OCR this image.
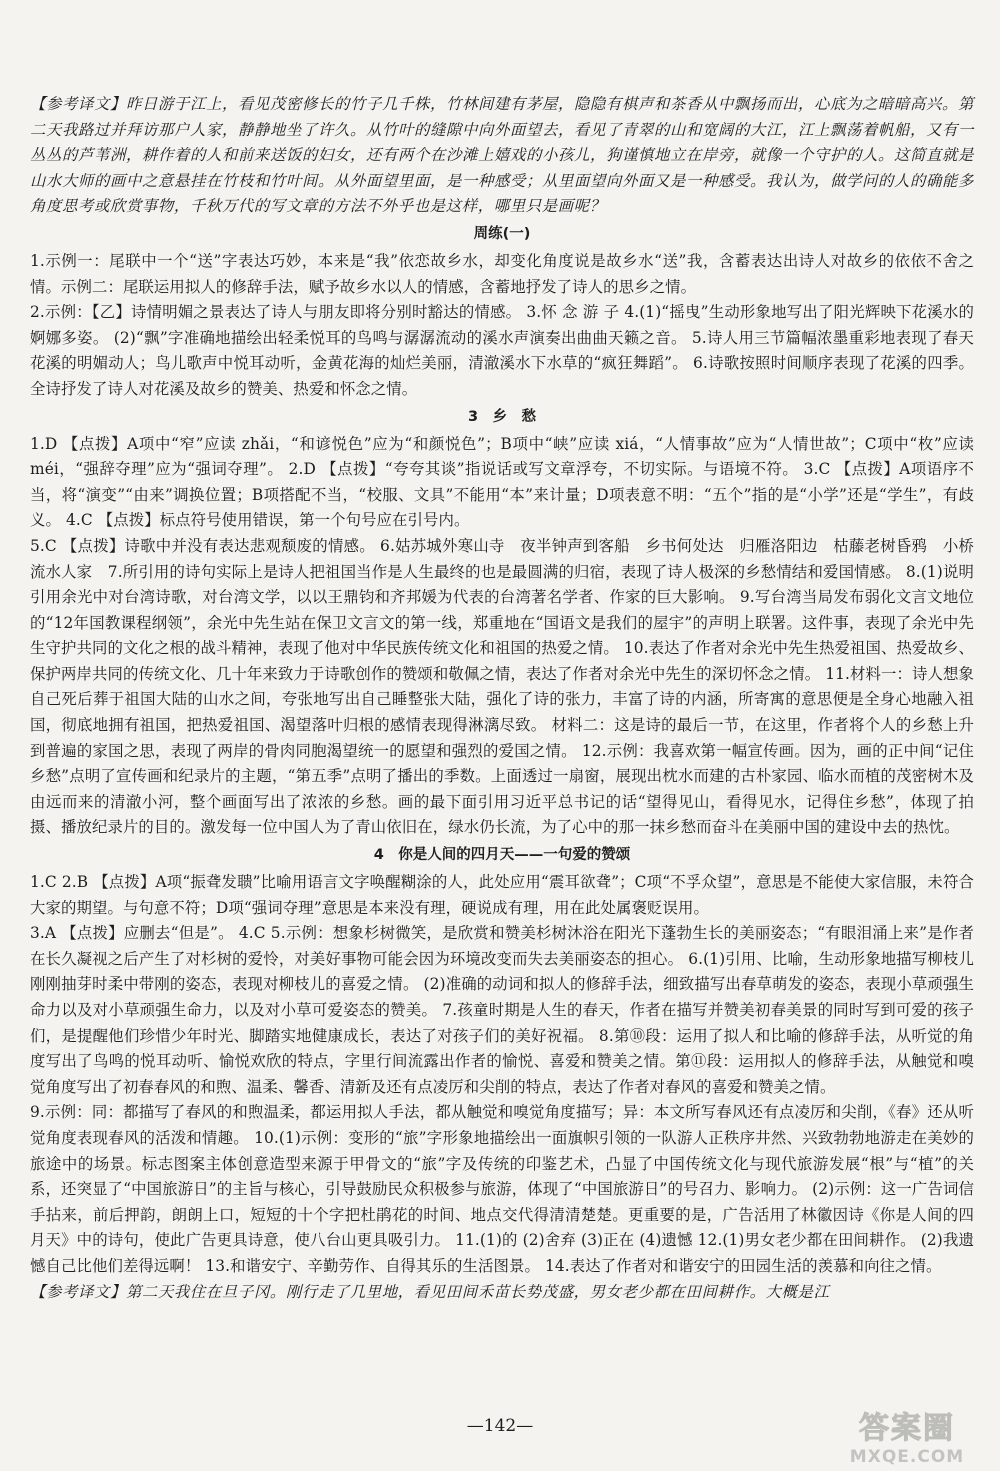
【参考译文】昨日游于江上，看见茂密修长的竹子几千株，竹林间建有茅屋，隐隐有棋声和茶香从中飘扬而出，心底为之暗暗高兴。第二天我路过并拜访那户人家，静静地坐了许久。从竹叶的缝隙中向外面望去，看见了青翠的山和宽阔的大江，江上飘荡着帆船，又有一丛丛的芦苇洲，耕作着的人和前来送饭的妇女，还有两个在沙滩上嬉戏的小孩儿，狗谨慎地立在岸旁，就像一个守护的人。这简直就是山水大师的画中之意悬挂在竹枝和竹叶间。从外面望里面，是一种感受；从里面望向外面又是一种感受。我认为，做学问的人的确能多角度思考或欣赏事物，千秋万代的写文章的方法不外乎也是这样，哪里只是画呢？

周练(一)

1.示例一：尾联中一个“送”字表达巧妙，本来是“我”依恋故乡水，却变化角度说是故乡水“送”我，含蓄表达出诗人对故乡的依依不舍之情。示例二：尾联运用拟人的修辞手法，赋予故乡水以人的情感，含蓄地抒发了诗人的思乡之情。

2.示例：【乙】诗情明媚之景表达了诗人与朋友即将分别时豁达的情感。 3.怀 念 游 子 4.(1)“摇曳”生动形象地写出了阳光辉映下花溪水的婀娜多姿。 (2)“飘”字准确地描绘出轻柔悦耳的鸟鸣与潺潺流动的溪水声演奏出曲曲天籁之音。 5.诗人用三节篇幅浓墨重彩地表现了春天花溪的明媚动人；鸟儿歌声中悦耳动听，金黄花海的灿烂美丽，清澈溪水下水草的“疯狂舞蹈”。 6.诗歌按照时间顺序表现了花溪的四季。全诗抒发了诗人对花溪及故乡的赞美、热爱和怀念之情。

3　乡　愁

1.D 【点拨】A项中“窄”应读 zhǎi，“和谚悦色”应为“和颜悦色”；B项中“峡”应读 xiá，“人情事故”应为“人情世故”；C项中“枚”应读 méi，“强辞夺理”应为“强词夺理”。 2.D 【点拨】“夸夸其谈”指说话或写文章浮夸，不切实际。与语境不符。 3.C 【点拨】A项语序不当，将“演变”“由来”调换位置；B项搭配不当，“校服、文具”不能用“本”来计量；D项表意不明：“五个”指的是“小学”还是“学生”，有歧义。 4.C 【点拨】标点符号使用错误，第一个句号应在引号内。

5.C 【点拨】诗歌中并没有表达悲观颓废的情感。 6.姑苏城外寒山寺　夜半钟声到客船　乡书何处达　归雁洛阳边　枯藤老树昏鸦　小桥流水人家　7.所引用的诗句实际上是诗人把祖国当作是人生最终的也是最圆满的归宿，表现了诗人极深的乡愁情结和爱国情感。 8.(1)说明引用余光中对台湾诗歌，对台湾文学，以以王鼎钧和齐邦媛为代表的台湾著名学者、作家的巨大影响。 9.写台湾当局发布弱化文言文地位的“12年国教课程纲领”，余光中先生站在保卫文言文的第一线，郑重地在“国语文是我们的屋宇”的声明上联署。这件事，表现了余光中先生守护共同的文化之根的战斗精神，表现了他对中华民族传统文化和祖国的热爱之情。 10.表达了作者对余光中先生热爱祖国、热爱故乡、保护两岸共同的传统文化、几十年来致力于诗歌创作的赞颂和敬佩之情，表达了作者对余光中先生的深切怀念之情。 11.材料一：诗人想象自己死后葬于祖国大陆的山水之间，夸张地写出自己睡整张大陆，强化了诗的张力，丰富了诗的内涵，所寄寓的意思便是全身心地融入祖国，彻底地拥有祖国，把热爱祖国、渴望落叶归根的感情表现得淋漓尽致。 材料二：这是诗的最后一节，在这里，作者将个人的乡愁上升到普遍的家国之思，表现了两岸的骨肉同胞渴望统一的愿望和强烈的爱国之情。 12.示例：我喜欢第一幅宣传画。因为，画的正中间“记住乡愁”点明了宣传画和纪录片的主题，“第五季”点明了播出的季数。上面透过一扇窗，展现出枕水而建的古朴家园、临水而植的茂密树木及由远而来的清澈小河，整个画面写出了浓浓的乡愁。画的最下面引用习近平总书记的话“望得见山，看得见水，记得住乡愁”，体现了拍摄、播放纪录片的目的。激发每一位中国人为了青山依旧在，绿水仍长流，为了心中的那一抹乡愁而奋斗在美丽中国的建设中去的热忱。

4　你是人间的四月天——一句爱的赞颂

1.C 2.B 【点拨】A项“振聋发聩”比喻用语言文字唤醒糊涂的人，此处应用“震耳欲聋”；C项“不孚众望”，意思是不能使大家信服，未符合大家的期望。与句意不符；D项“强词夺理”意思是本来没有理，硬说成有理，用在此处属褒贬误用。

3.A 【点拨】应删去“但是”。 4.C 5.示例：想象杉树微笑，是欣赏和赞美杉树沐浴在阳光下蓬勃生长的美丽姿态；“有眼泪涌上来”是作者在长久凝视之后产生了对杉树的爱怜，对美好事物可能会因为环境改变而失去美丽姿态的担心。 6.(1)引用、比喻，生动形象地描写柳枝儿刚刚抽芽时柔中带刚的姿态，表现对柳枝儿的喜爱之情。 (2)准确的动词和拟人的修辞手法，细致描写出春草萌发的姿态，表现小草顽强生命力以及对小草顽强生命力，以及对小草可爱姿态的赞美。 7.孩童时期是人生的春天，作者在描写并赞美初春美景的同时写到可爱的孩子们，是提醒他们珍惜少年时光、脚踏实地健康成长，表达了对孩子们的美好祝福。 8.第⑩段：运用了拟人和比喻的修辞手法，从听觉的角度写出了鸟鸣的悦耳动听、愉悦欢欣的特点，字里行间流露出作者的愉悦、喜爱和赞美之情。第⑪段：运用拟人的修辞手法，从触觉和嗅觉角度写出了初春春风的和煦、温柔、馨香、清新及还有点凌厉和尖削的特点，表达了作者对春风的喜爱和赞美之情。

9.示例：同：都描写了春风的和煦温柔，都运用拟人手法，都从触觉和嗅觉角度描写；异：本文所写春风还有点凌厉和尖削，《春》还从听觉角度表现春风的活泼和情趣。 10.(1)示例：变形的“旅”字形象地描绘出一面旗帜引领的一队游人正秩序井然、兴致勃勃地游走在美妙的旅途中的场景。标志图案主体创意造型来源于甲骨文的“旅”字及传统的印鉴艺术，凸显了中国传统文化与现代旅游发展“根”与“植”的关系，还突显了“中国旅游日”的主旨与核心，引导鼓励民众积极参与旅游，体现了“中国旅游日”的号召力、影响力。 (2)示例：这一广告词信手拈来，前后押韵，朗朗上口，短短的十个字把杜鹃花的时间、地点交代得清清楚楚。更重要的是，广告活用了林徽因诗《你是人间的四月天》中的诗句，使此广告更具诗意，使八台山更具吸引力。 11.(1)的 (2)舍弃 (3)正在 (4)遗憾 12.(1)男女老少都在田间耕作。 (2)我遗憾自己比他们差得远啊！ 13.和谐安宁、辛勤劳作、自得其乐的生活图景。 14.表达了作者对和谐安宁的田园生活的羡慕和向往之情。

【参考译文】第二天我住在旦子冈。刚行走了几里地，看见田间禾苗长势茂盛，男女老少都在田间耕作。大概是江

—142—	答案圈
MXQE.COM
